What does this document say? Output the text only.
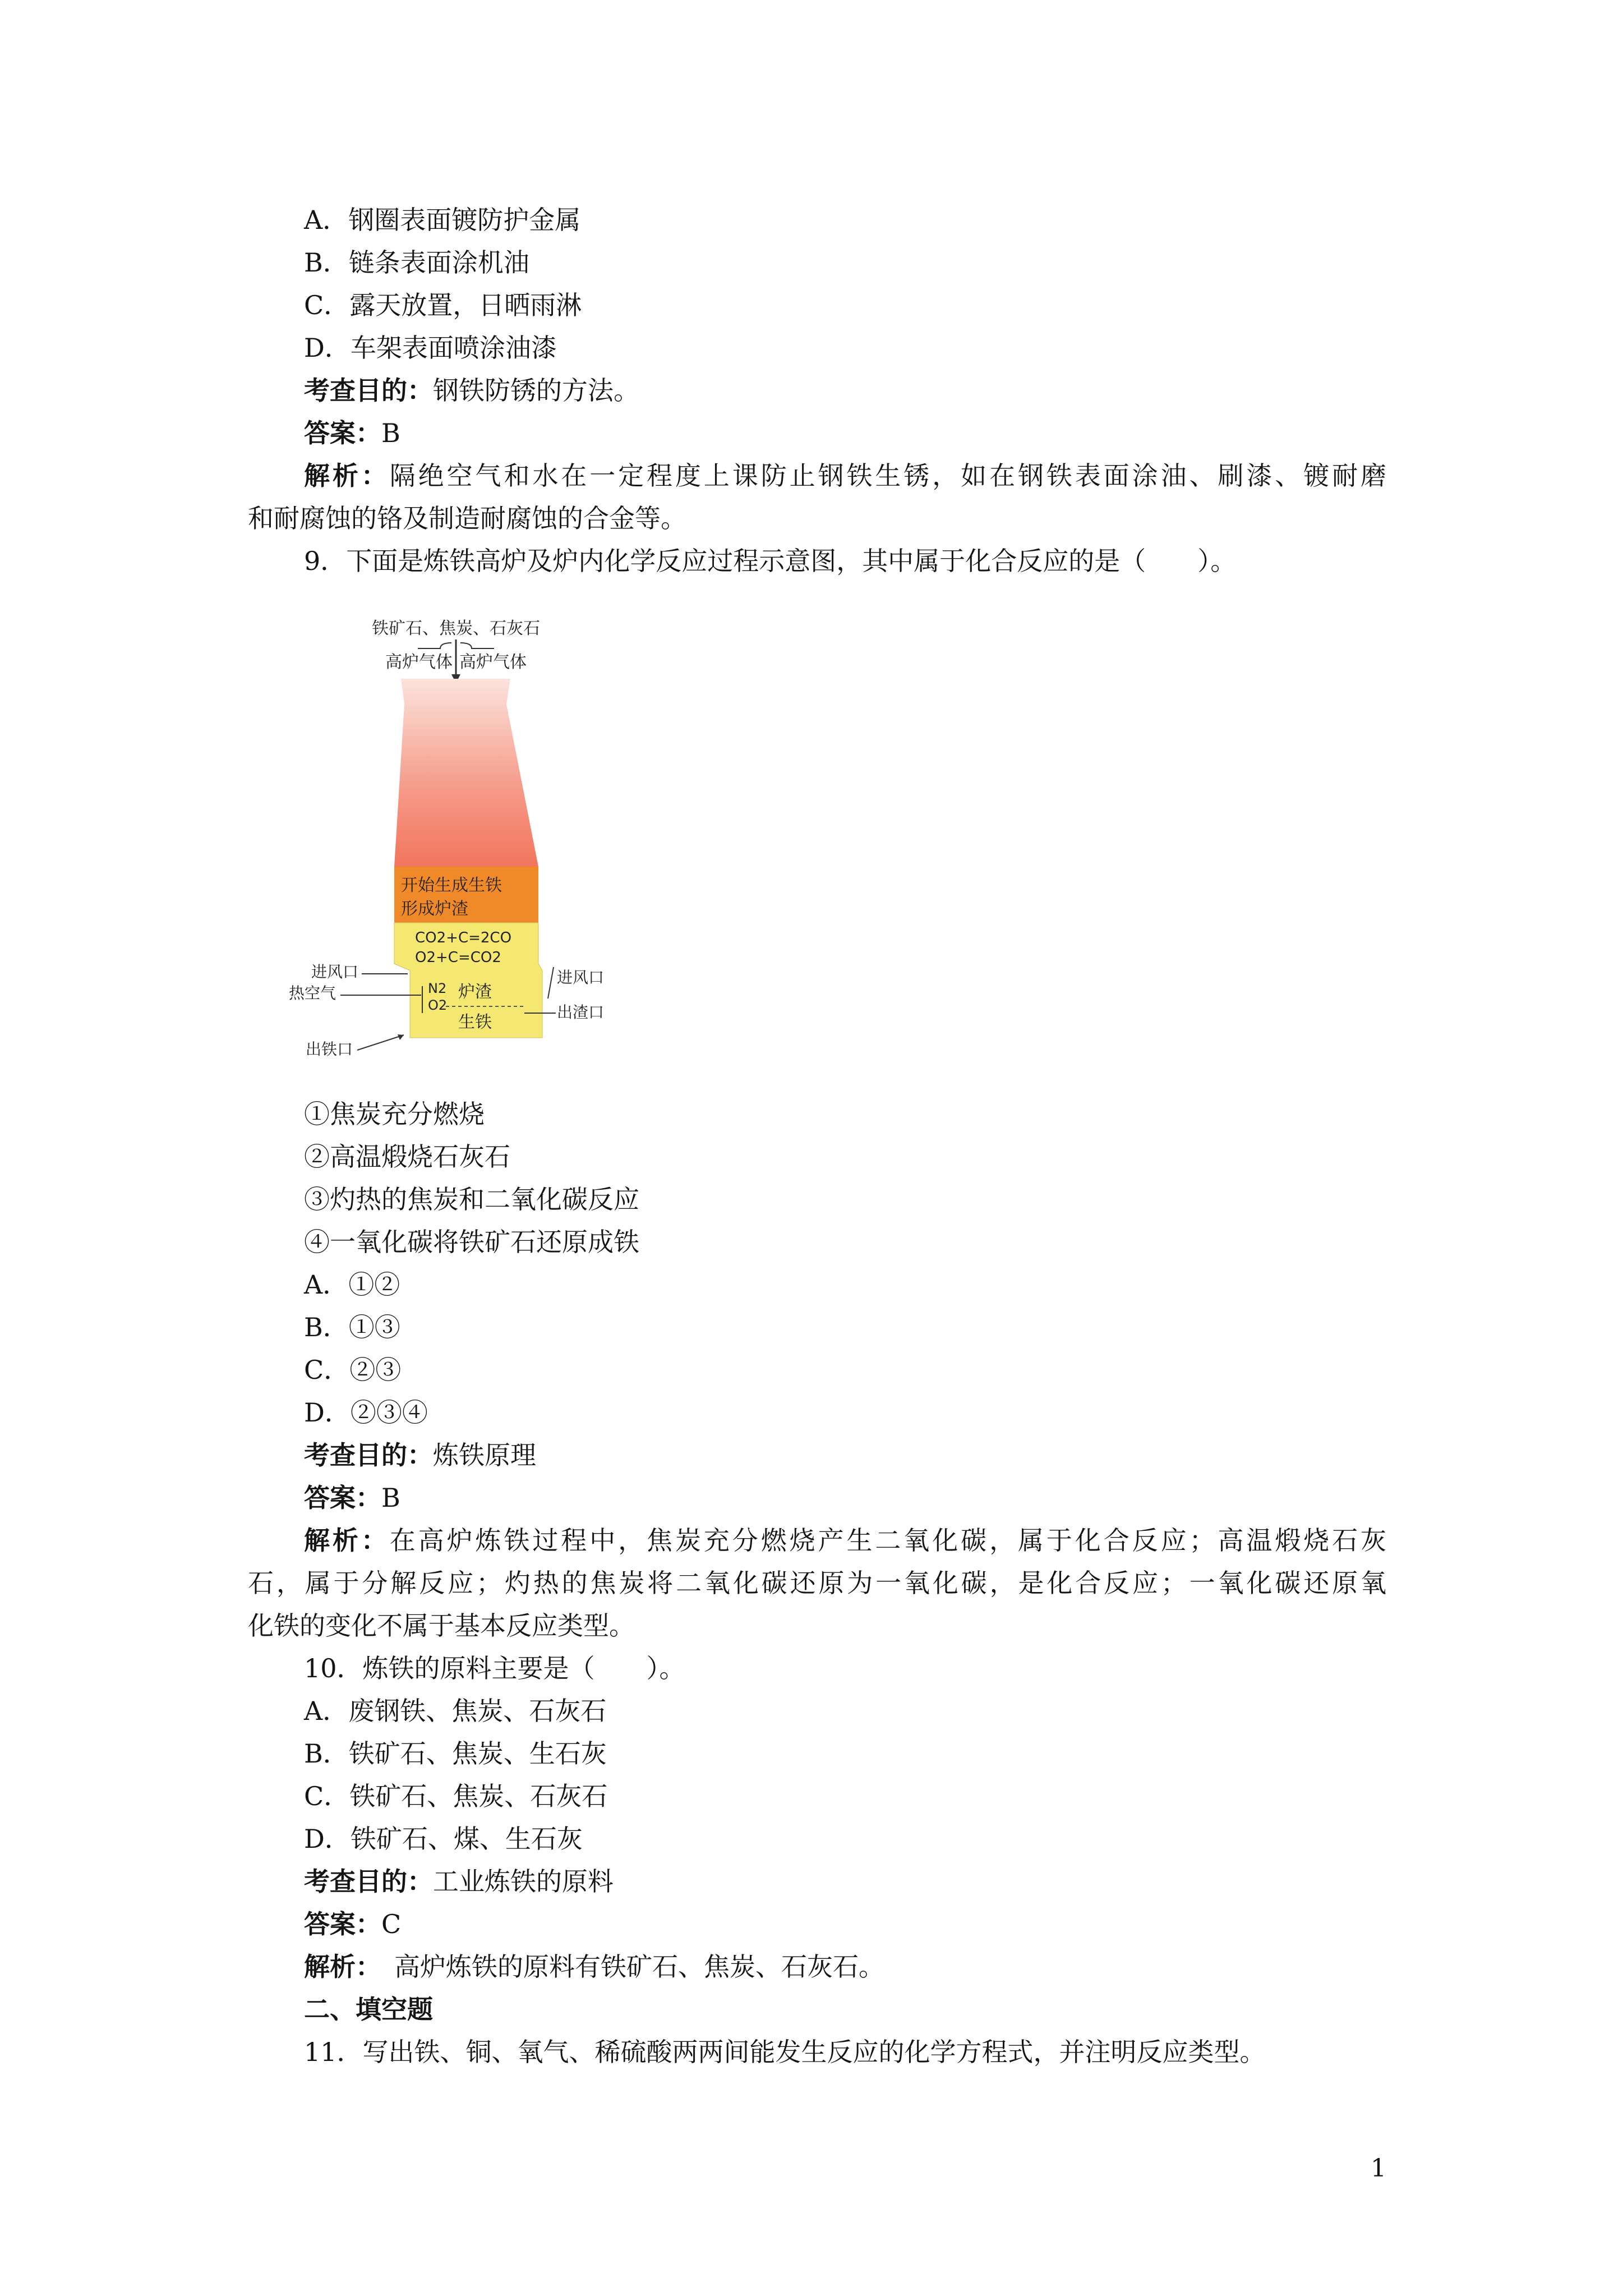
A．钢圈表面镀防护金属
B．链条表面涂机油
C．露天放置，日晒雨淋
D．车架表面喷涂油漆
考查目的：钢铁防锈的方法。
答案：B
解析：隔绝空气和水在一定程度上课防止钢铁生锈，如在钢铁表面涂油、刷漆、镀耐磨
和耐腐蚀的铬及制造耐腐蚀的合金等。
9．下面是炼铁高炉及炉内化学反应过程示意图，其中属于化合反应的是（　　）。
铁矿石、焦炭、石灰石
高炉气体 高炉气体
开始生成生铁
形成炉渣
CO2+C=2CO
O2+C=CO2
N2
O2
炉渣
生铁
进风口
热空气
出铁口
进风口
出渣口
①焦炭充分燃烧
②高温煅烧石灰石
③灼热的焦炭和二氧化碳反应
④一氧化碳将铁矿石还原成铁
A．①②
B．①③
C．②③
D．②③④
考查目的：炼铁原理
答案：B
解析：在高炉炼铁过程中，焦炭充分燃烧产生二氧化碳，属于化合反应；高温煅烧石灰
石，属于分解反应；灼热的焦炭将二氧化碳还原为一氧化碳，是化合反应；一氧化碳还原氧
化铁的变化不属于基本反应类型。
10．炼铁的原料主要是（　　）。
A．废钢铁、焦炭、石灰石
B．铁矿石、焦炭、生石灰
C．铁矿石、焦炭、石灰石
D．铁矿石、煤、生石灰
考查目的：工业炼铁的原料
答案：C
解析：　高炉炼铁的原料有铁矿石、焦炭、石灰石。
二、填空题
11．写出铁、铜、氧气、稀硫酸两两间能发生反应的化学方程式，并注明反应类型。
1
